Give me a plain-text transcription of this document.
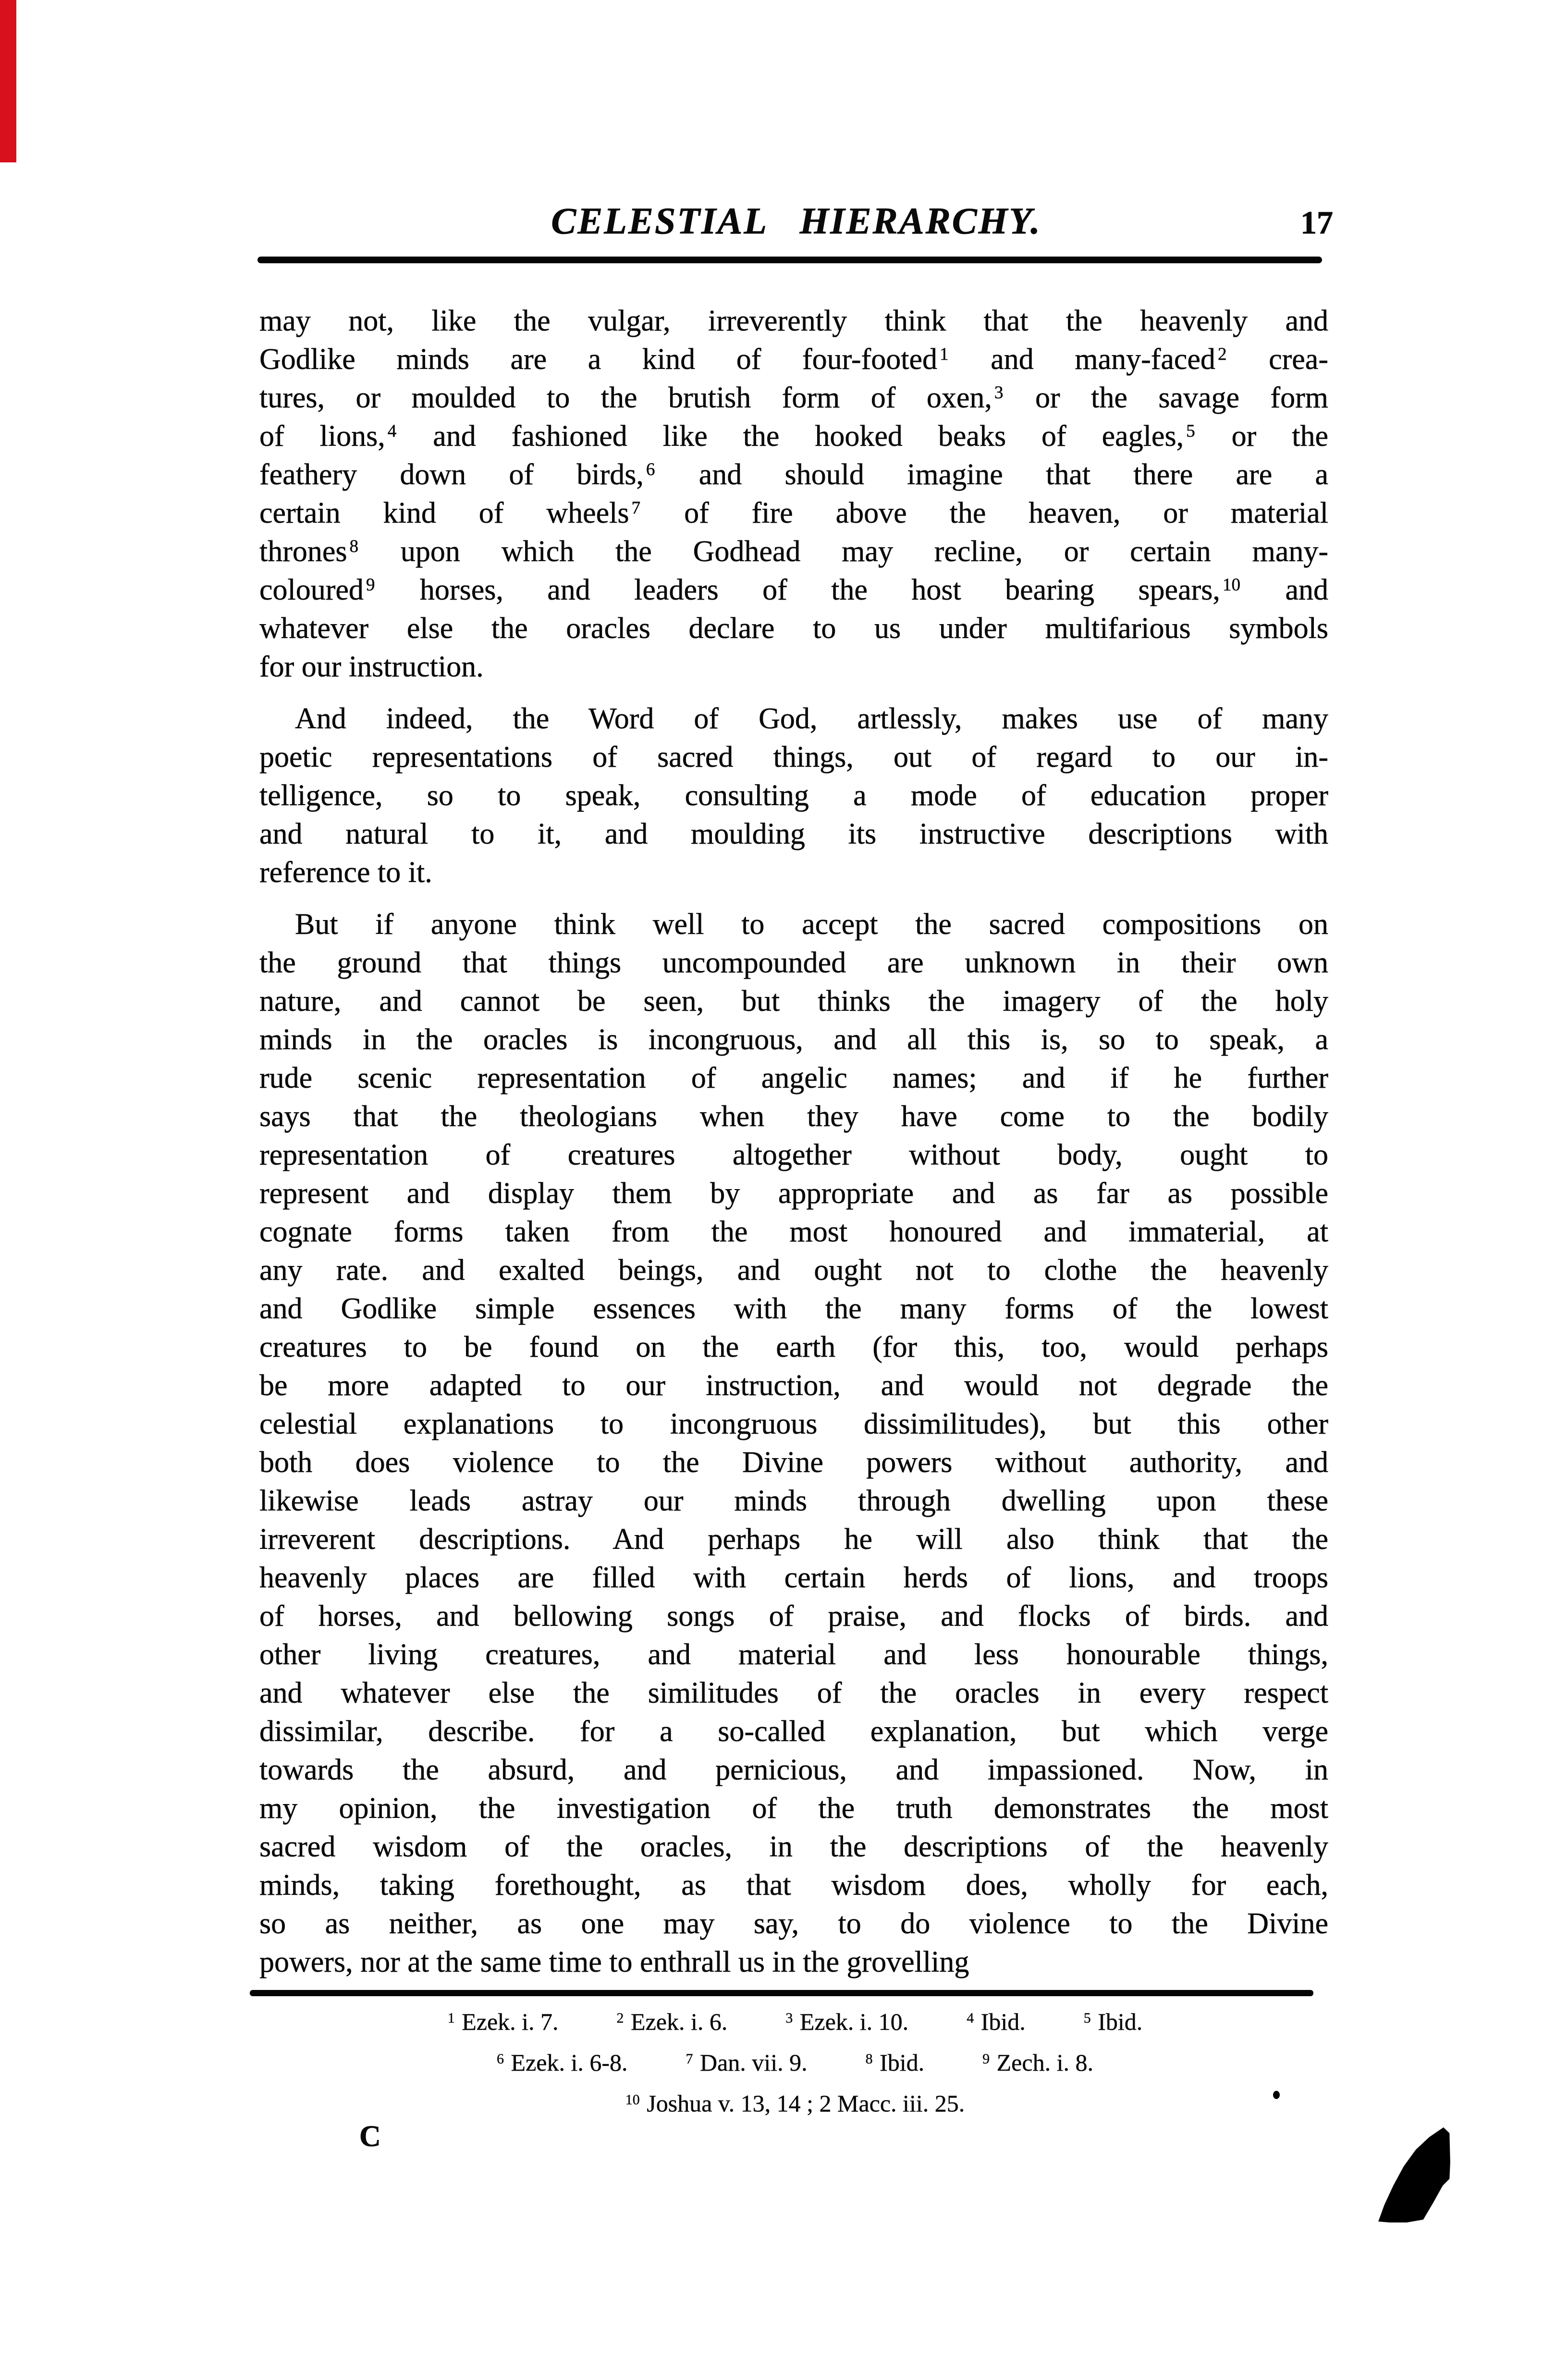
CELESTIAL HIERARCHY.	17
may not, like the vulgar, irreverently think that the heavenly and
Godlike minds are a kind of four-footed $^1$ and many-faced $^2$ crea-
tures, or moulded to the brutish form of oxen, $^3$ or the savage form
of lions, $^4$ and fashioned like the hooked beaks of eagles, $^5$ or the
feathery down of birds, $^6$ and should imagine that there are a
certain kind of wheels $^7$ of fire above the heaven, or material
thrones $^8$ upon which the Godhead may recline, or certain many-
coloured $^9$ horses, and leaders of the host bearing spears, $^{10}$ and
whatever else the oracles declare to us under multifarious symbols
for our instruction.
And indeed, the Word of God, artlessly, makes use of many
poetic representations of sacred things, out of regard to our in-
telligence, so to speak, consulting a mode of education proper
and natural to it, and moulding its instructive descriptions with
reference to it.
But if anyone think well to accept the sacred compositions on
the ground that things uncompounded are unknown in their own
nature, and cannot be seen, but thinks the imagery of the holy
minds in the oracles is incongruous, and all this is, so to speak, a
rude scenic representation of angelic names; and if he further
says that the theologians when they have come to the bodily
representation of creatures altogether without body, ought to
represent and display them by appropriate and as far as possible
cognate forms taken from the most honoured and immaterial, at
any rate. and exalted beings, and ought not to clothe the heavenly
and Godlike simple essences with the many forms of the lowest
creatures to be found on the earth (for this, too, would perhaps
be more adapted to our instruction, and would not degrade the
celestial explanations to incongruous dissimilitudes), but this other
both does violence to the Divine powers without authority, and
likewise leads astray our minds through dwelling upon these
irreverent descriptions. And perhaps he will also think that the
heavenly places are filled with certain herds of lions, and troops
of horses, and bellowing songs of praise, and flocks of birds. and
other living creatures, and material and less honourable things,
and whatever else the similitudes of the oracles in every respect
dissimilar, describe. for a so-called explanation, but which verge
towards the absurd, and pernicious, and impassioned. Now, in
my opinion, the investigation of the truth demonstrates the most
sacred wisdom of the oracles, in the descriptions of the heavenly
minds, taking forethought, as that wisdom does, wholly for each,
so as neither, as one may say, to do violence to the Divine
powers, nor at the same time to enthrall us in the grovelling
$^1$ Ezek. i. 7.	$^2$ Ezek. i. 6.	$^3$ Ezek. i. 10.	$^4$ Ibid.	$^5$ Ibid.
$^6$ Ezek. i. 6-8.	$^7$ Dan. vii. 9.	$^8$ Ibid.	$^9$ Zech. i. 8.
$^{10}$ Joshua v. 13, 14 ; 2 Macc. iii. 25.
C
